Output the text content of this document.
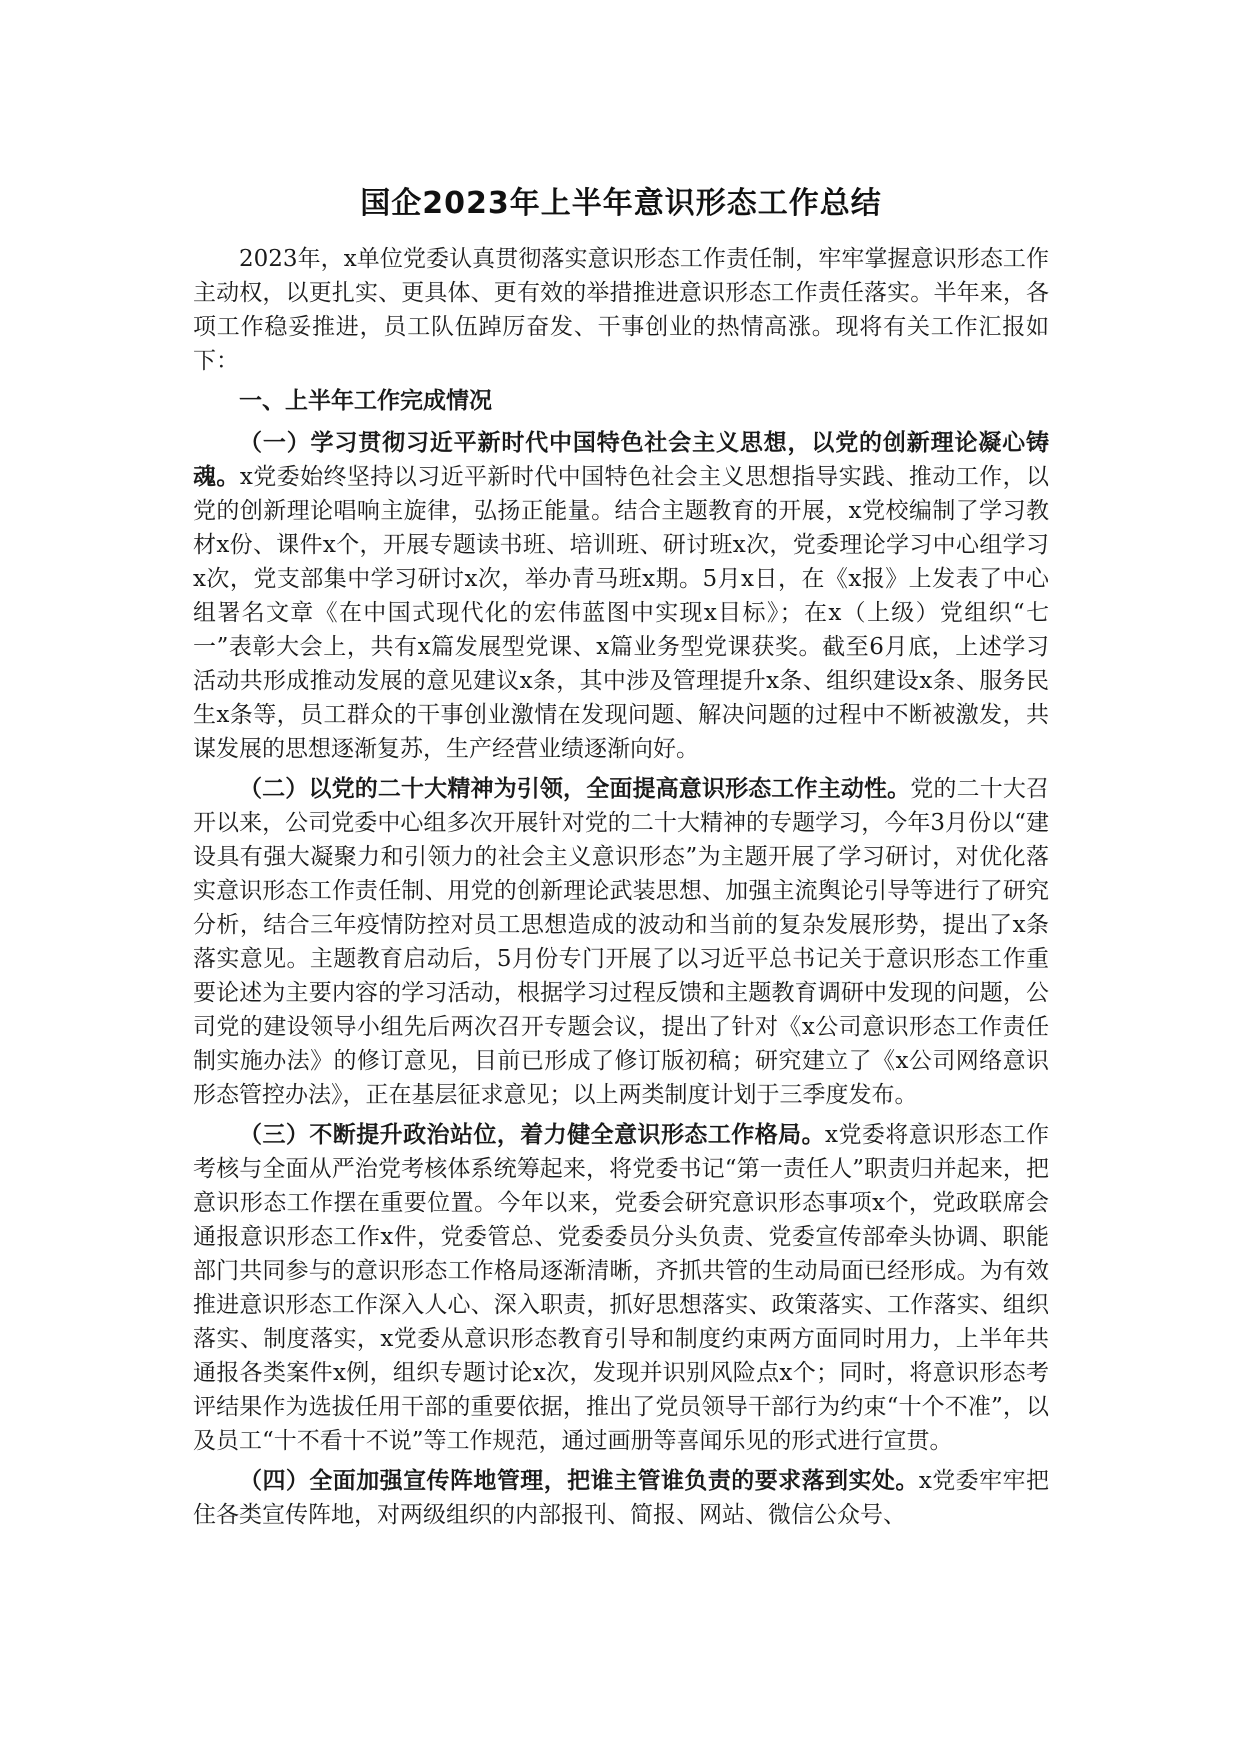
国企2023年上半年意识形态工作总结

2023年，x单位党委认真贯彻落实意识形态工作责任制，牢牢掌握意识形态工作主动权，以更扎实、更具体、更有效的举措推进意识形态工作责任落实。半年来，各项工作稳妥推进，员工队伍踔厉奋发、干事创业的热情高涨。现将有关工作汇报如下：

一、上半年工作完成情况

（一）学习贯彻习近平新时代中国特色社会主义思想，以党的创新理论凝心铸魂。x党委始终坚持以习近平新时代中国特色社会主义思想指导实践、推动工作，以党的创新理论唱响主旋律，弘扬正能量。结合主题教育的开展，x党校编制了学习教材x份、课件x个，开展专题读书班、培训班、研讨班x次，党委理论学习中心组学习x次，党支部集中学习研讨x次，举办青马班x期。5月x日，在《x报》上发表了中心组署名文章《在中国式现代化的宏伟蓝图中实现x目标》；在x（上级）党组织“七一”表彰大会上，共有x篇发展型党课、x篇业务型党课获奖。截至6月底，上述学习活动共形成推动发展的意见建议x条，其中涉及管理提升x条、组织建设x条、服务民生x条等，员工群众的干事创业激情在发现问题、解决问题的过程中不断被激发，共谋发展的思想逐渐复苏，生产经营业绩逐渐向好。

（二）以党的二十大精神为引领，全面提高意识形态工作主动性。党的二十大召开以来，公司党委中心组多次开展针对党的二十大精神的专题学习，今年3月份以“建设具有强大凝聚力和引领力的社会主义意识形态”为主题开展了学习研讨，对优化落实意识形态工作责任制、用党的创新理论武装思想、加强主流舆论引导等进行了研究分析，结合三年疫情防控对员工思想造成的波动和当前的复杂发展形势，提出了x条落实意见。主题教育启动后，5月份专门开展了以习近平总书记关于意识形态工作重要论述为主要内容的学习活动，根据学习过程反馈和主题教育调研中发现的问题，公司党的建设领导小组先后两次召开专题会议，提出了针对《x公司意识形态工作责任制实施办法》的修订意见，目前已形成了修订版初稿；研究建立了《x公司网络意识形态管控办法》，正在基层征求意见；以上两类制度计划于三季度发布。

（三）不断提升政治站位，着力健全意识形态工作格局。x党委将意识形态工作考核与全面从严治党考核体系统筹起来，将党委书记“第一责任人”职责归并起来，把意识形态工作摆在重要位置。今年以来，党委会研究意识形态事项x个，党政联席会通报意识形态工作x件，党委管总、党委委员分头负责、党委宣传部牵头协调、职能部门共同参与的意识形态工作格局逐渐清晰，齐抓共管的生动局面已经形成。为有效推进意识形态工作深入人心、深入职责，抓好思想落实、政策落实、工作落实、组织落实、制度落实，x党委从意识形态教育引导和制度约束两方面同时用力，上半年共通报各类案件x例，组织专题讨论x次，发现并识别风险点x个；同时，将意识形态考评结果作为选拔任用干部的重要依据，推出了党员领导干部行为约束“十个不准”，以及员工“十不看十不说”等工作规范，通过画册等喜闻乐见的形式进行宣贯。

（四）全面加强宣传阵地管理，把谁主管谁负责的要求落到实处。x党委牢牢把住各类宣传阵地，对两级组织的内部报刊、简报、网站、微信公众号、
